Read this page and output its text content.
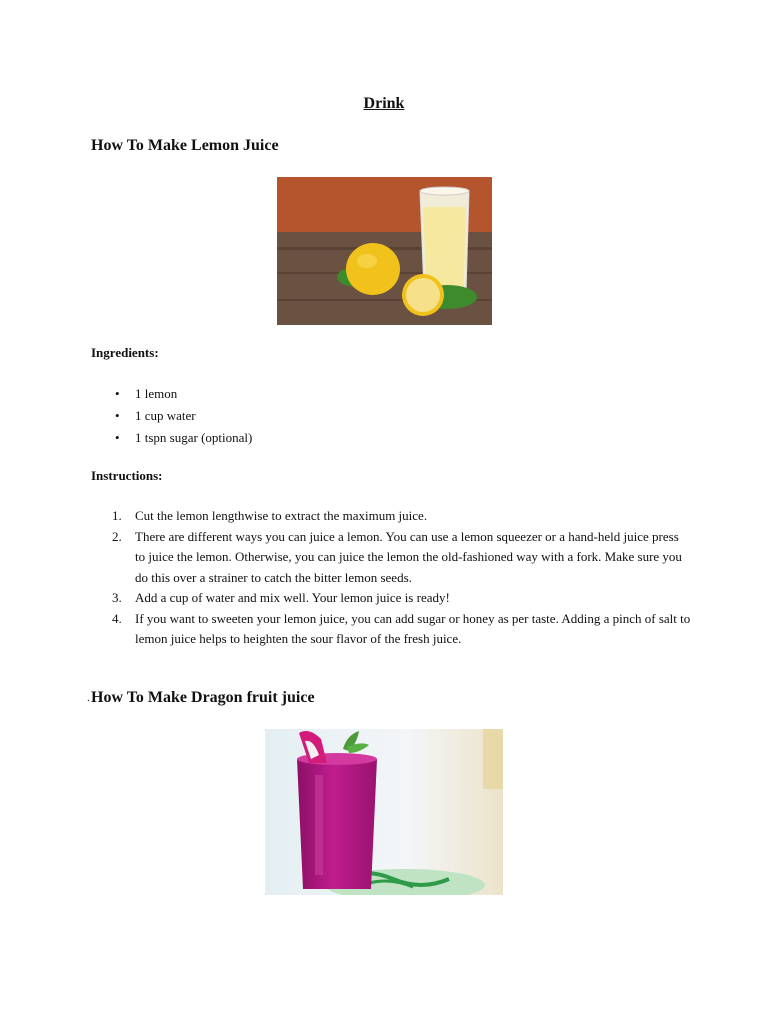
Drink
How To Make Lemon Juice
Ingredients:
• 1 lemon
• 1 cup water
• 1 tspn sugar (optional)
Instructions:
1. Cut the lemon lengthwise to extract the maximum juice.
2. There are different ways you can juice a lemon. You can use a lemon squeezer or a hand-held juice press to juice the lemon. Otherwise, you can juice the lemon the old-fashioned way with a fork. Make sure you do this over a strainer to catch the bitter lemon seeds.
3. Add a cup of water and mix well. Your lemon juice is ready!
4. If you want to sweeten your lemon juice, you can add sugar or honey as per taste. Adding a pinch of salt to lemon juice helps to heighten the sour flavor of the fresh juice.
. How To Make Dragon fruit juice
